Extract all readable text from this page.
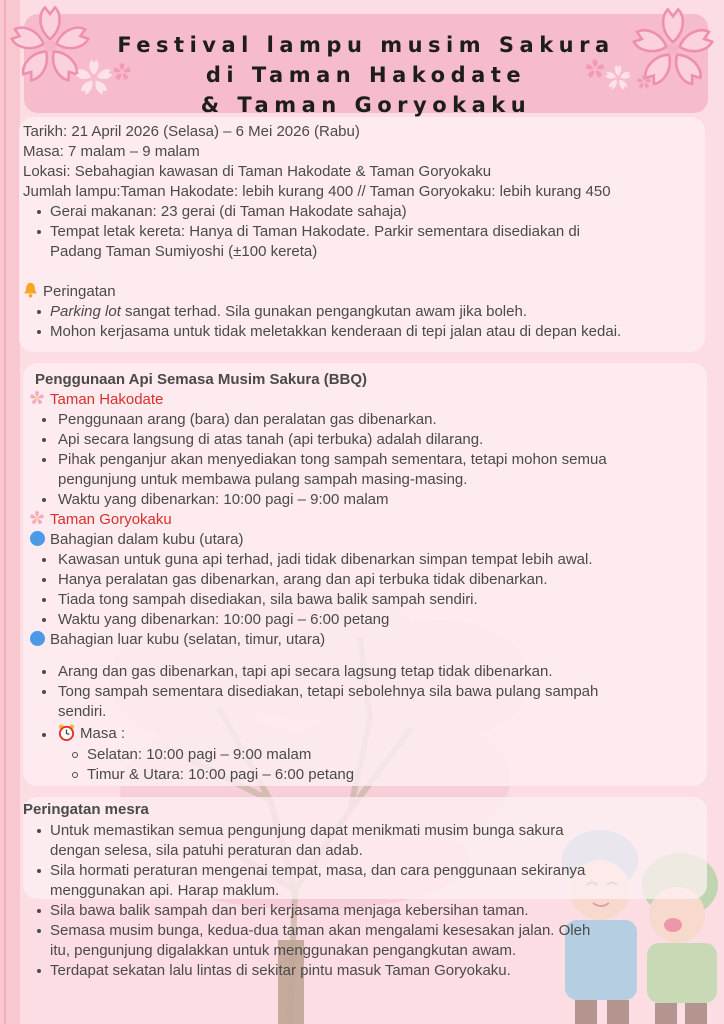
Festival lampu musim Sakura
di Taman Hakodate
& Taman Goryokaku
Tarikh: 21 April 2026 (Selasa) – 6 Mei 2026 (Rabu)
Masa: 7 malam – 9 malam
Lokasi: Sebahagian kawasan di Taman Hakodate & Taman Goryokaku
Jumlah lampu:Taman Hakodate: lebih kurang 400 // Taman Goryokaku: lebih kurang 450
Gerai makanan: 23 gerai (di Taman Hakodate sahaja)
Tempat letak kereta: Hanya di Taman Hakodate. Parkir sementara disediakan di
Padang Taman Sumiyoshi (±100 kereta)
Peringatan
Parking lot sangat terhad. Sila gunakan pengangkutan awam jika boleh.
Mohon kerjasama untuk tidak meletakkan kenderaan di tepi jalan atau di depan kedai.
Penggunaan Api Semasa Musim Sakura (BBQ)
Taman Hakodate
Penggunaan arang (bara) dan peralatan gas dibenarkan.
Api secara langsung di atas tanah (api terbuka) adalah dilarang.
Pihak penganjur akan menyediakan tong sampah sementara, tetapi mohon semua
pengunjung untuk membawa pulang sampah masing-masing.
Waktu yang dibenarkan: 10:00 pagi – 9:00 malam
Taman Goryokaku
Bahagian dalam kubu (utara)
Kawasan untuk guna api terhad, jadi tidak dibenarkan simpan tempat lebih awal.
Hanya peralatan gas dibenarkan, arang dan api terbuka tidak dibenarkan.
Tiada tong sampah disediakan, sila bawa balik sampah sendiri.
Waktu yang dibenarkan: 10:00 pagi – 6:00 petang
Bahagian luar kubu (selatan, timur, utara)
Arang dan gas dibenarkan, tapi api secara lagsung tetap tidak dibenarkan.
Tong sampah sementara disediakan, tetapi sebolehnya sila bawa pulang sampah
sendiri.
Masa :
Selatan: 10:00 pagi – 9:00 malam
Timur & Utara: 10:00 pagi – 6:00 petang
Peringatan mesra
Untuk memastikan semua pengunjung dapat menikmati musim bunga sakura
dengan selesa, sila patuhi peraturan dan adab.
Sila hormati peraturan mengenai tempat, masa, dan cara penggunaan sekiranya
menggunakan api. Harap maklum.
Sila bawa balik sampah dan beri kerjasama menjaga kebersihan taman.
Semasa musim bunga, kedua-dua taman akan mengalami kesesakan jalan. Oleh
itu, pengunjung digalakkan untuk menggunakan pengangkutan awam.
Terdapat sekatan lalu lintas di sekitar pintu masuk Taman Goryokaku.
